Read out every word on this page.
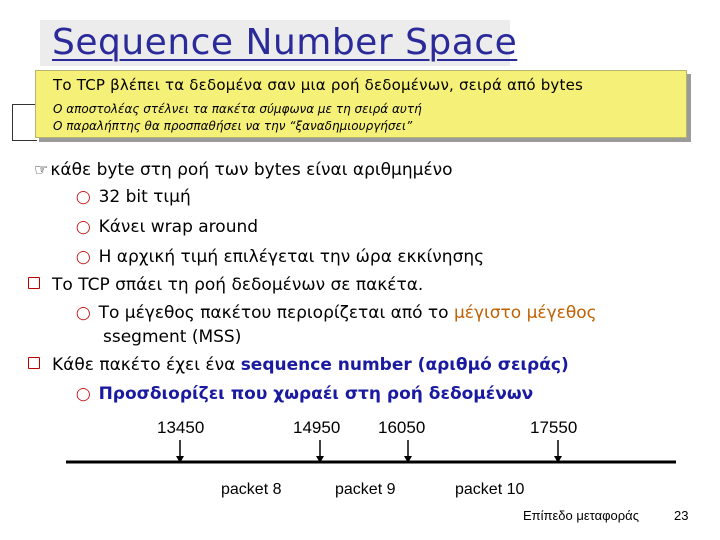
Sequence Number Space
Το TCP βλέπει τα δεδομένα σαν μια ροή δεδομένων, σειρά από bytes
Ο αποστολέας στέλνει τα πακέτα σύμφωνα με τη σειρά αυτή
Ο παραλήπτης θα προσπαθήσει να την “ξαναδημιουργήσει”
☞ κάθε byte στη ροή των bytes είναι αριθμημένο
◯ 32 bit τιμή
◯ Κάνει wrap around
◯ Η αρχική τιμή επιλέγεται την ώρα εκκίνησης
Το TCP σπάει τη ροή δεδομένων σε πακέτα.
◯ Το μέγεθος πακέτου περιορίζεται από το μέγιστο μέγεθος
ssegment (MSS)
Κάθε πακέτο έχει ένα sequence number (αριθμό σειράς)
◯ Προσδιορίζει που χωραέι στη ροή δεδομένων
13450	14950 16050	17550
packet 8	packet 9	packet 10
Επίπεδο μεταφοράς	23
